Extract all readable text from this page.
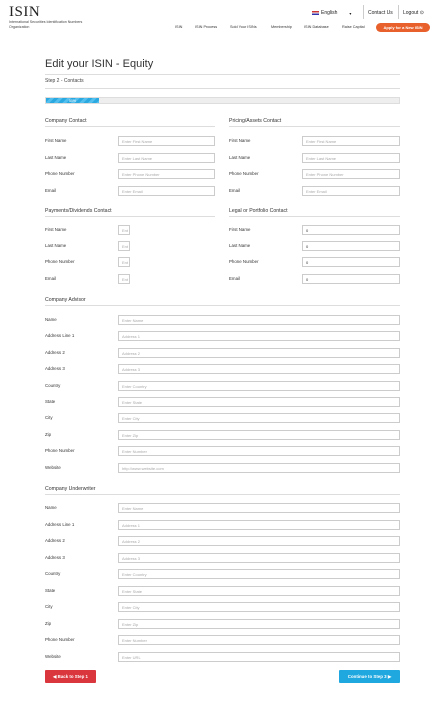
ISIN
International Securities Identification Numbers Organization
English	▾	Contact Us Logout ⊙
ISIN	ISIN Process	Sold Your ISINs	Membership	ISIN Database	Raise Capital	Apply for a New ISIN
Edit your ISIN - Equity
Step 2 - Contacts
50%
Company Contact
First Name	Enter First Name
Last Name	Enter Last Name
Phone Number	Enter Phone Number
Email	Enter Email
Pricing/Assets Contact
First Name	Enter First Name
Last Name	Enter Last Name
Phone Number	Enter Phone Number
Email	Enter Email
Payments/Dividends Contact
First Name	Ent
Last Name	Ent
Phone Number	Ent
Email	Ent
Legal or Portfolio Contact
First Name	0
Last Name	0
Phone Number	0
Email	0
Company Advisor
Name	Enter Name
Address Line 1	Address 1
Address 2	Address 2
Address 3	Address 3
Country	Enter Country
State	Enter State
City	Enter City
Zip	Enter Zip
Phone Number	Enter Number
Website	http://www.website.com
Company Underwriter
Name	Enter Name
Address Line 1	Address 1
Address 2	Address 2
Address 3	Address 3
Country	Enter Country
State	Enter State
City	Enter City
Zip	Enter Zip
Phone Number	Enter Number
Website	Enter URL
◀ Back to Step 1	Continue to Step 3 ▶
